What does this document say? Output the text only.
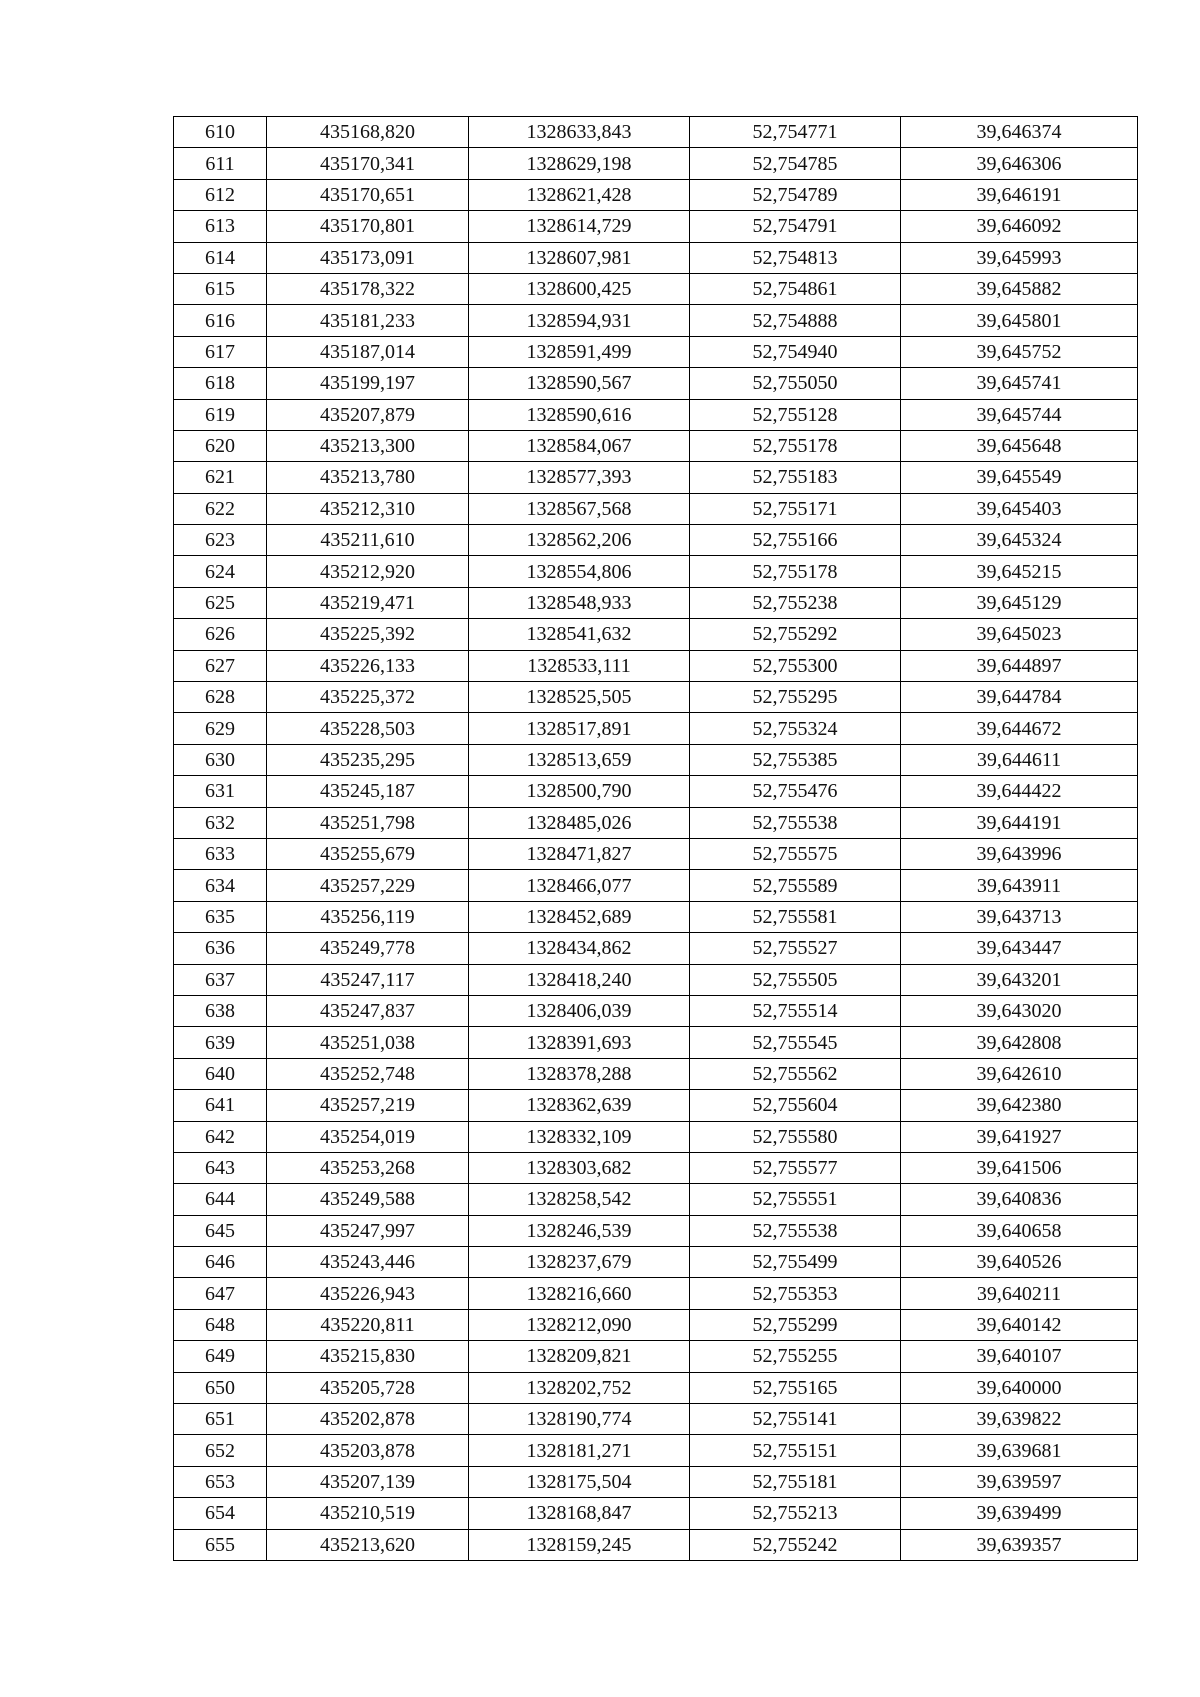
610	435168,820	1328633,843	52,754771	39,646374
611	435170,341	1328629,198	52,754785	39,646306
612	435170,651	1328621,428	52,754789	39,646191
613	435170,801	1328614,729	52,754791	39,646092
614	435173,091	1328607,981	52,754813	39,645993
615	435178,322	1328600,425	52,754861	39,645882
616	435181,233	1328594,931	52,754888	39,645801
617	435187,014	1328591,499	52,754940	39,645752
618	435199,197	1328590,567	52,755050	39,645741
619	435207,879	1328590,616	52,755128	39,645744
620	435213,300	1328584,067	52,755178	39,645648
621	435213,780	1328577,393	52,755183	39,645549
622	435212,310	1328567,568	52,755171	39,645403
623	435211,610	1328562,206	52,755166	39,645324
624	435212,920	1328554,806	52,755178	39,645215
625	435219,471	1328548,933	52,755238	39,645129
626	435225,392	1328541,632	52,755292	39,645023
627	435226,133	1328533,111	52,755300	39,644897
628	435225,372	1328525,505	52,755295	39,644784
629	435228,503	1328517,891	52,755324	39,644672
630	435235,295	1328513,659	52,755385	39,644611
631	435245,187	1328500,790	52,755476	39,644422
632	435251,798	1328485,026	52,755538	39,644191
633	435255,679	1328471,827	52,755575	39,643996
634	435257,229	1328466,077	52,755589	39,643911
635	435256,119	1328452,689	52,755581	39,643713
636	435249,778	1328434,862	52,755527	39,643447
637	435247,117	1328418,240	52,755505	39,643201
638	435247,837	1328406,039	52,755514	39,643020
639	435251,038	1328391,693	52,755545	39,642808
640	435252,748	1328378,288	52,755562	39,642610
641	435257,219	1328362,639	52,755604	39,642380
642	435254,019	1328332,109	52,755580	39,641927
643	435253,268	1328303,682	52,755577	39,641506
644	435249,588	1328258,542	52,755551	39,640836
645	435247,997	1328246,539	52,755538	39,640658
646	435243,446	1328237,679	52,755499	39,640526
647	435226,943	1328216,660	52,755353	39,640211
648	435220,811	1328212,090	52,755299	39,640142
649	435215,830	1328209,821	52,755255	39,640107
650	435205,728	1328202,752	52,755165	39,640000
651	435202,878	1328190,774	52,755141	39,639822
652	435203,878	1328181,271	52,755151	39,639681
653	435207,139	1328175,504	52,755181	39,639597
654	435210,519	1328168,847	52,755213	39,639499
655	435213,620	1328159,245	52,755242	39,639357
